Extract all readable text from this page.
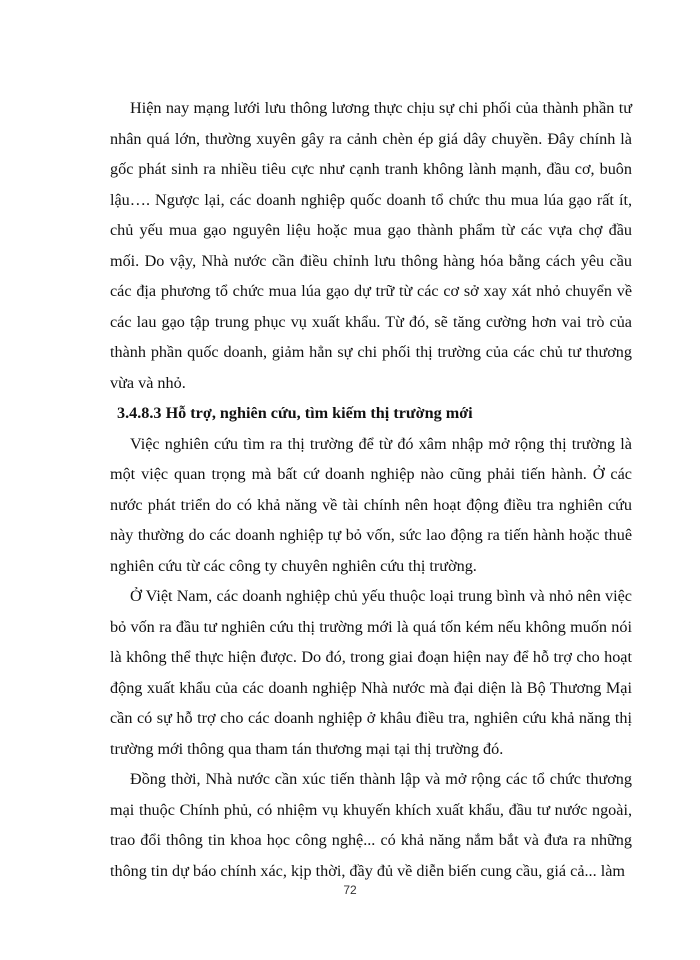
Hiện nay mạng lưới lưu thông lương thực chịu sự chi phối của thành phần tư nhân quá lớn, thường xuyên gây ra cảnh chèn ép giá dây chuyền. Đây chính là gốc phát sinh ra nhiều tiêu cực như cạnh tranh không lành mạnh, đầu cơ, buôn lậu…. Ngược lại, các doanh nghiệp quốc doanh tổ chức thu mua lúa gạo rất ít, chủ yếu mua gạo nguyên liệu hoặc mua gạo thành phẩm từ các vựa chợ đầu mối. Do vậy, Nhà nước cần điều chỉnh lưu thông hàng hóa bằng cách yêu cầu các địa phương tổ chức mua lúa gạo dự trữ từ các cơ sở xay xát nhỏ chuyển về các lau gạo tập trung phục vụ xuất khẩu. Từ đó, sẽ tăng cường hơn vai trò của thành phần quốc doanh, giảm hẳn sự chi phối thị trường của các chủ tư thương vừa và nhỏ.

3.4.8.3 Hỗ trợ, nghiên cứu, tìm kiếm thị trường mới

Việc nghiên cứu tìm ra thị trường để từ đó xâm nhập mở rộng thị trường là một việc quan trọng mà bất cứ doanh nghiệp nào cũng phải tiến hành. Ở các nước phát triển do có khả năng về tài chính nên hoạt động điều tra nghiên cứu này thường do các doanh nghiệp tự bỏ vốn, sức lao động ra tiến hành hoặc thuê nghiên cứu từ các công ty chuyên nghiên cứu thị trường.

Ở Việt Nam, các doanh nghiệp chủ yếu thuộc loại trung bình và nhỏ nên việc bỏ vốn ra đầu tư nghiên cứu thị trường mới là quá tốn kém nếu không muốn nói là không thể thực hiện được. Do đó, trong giai đoạn hiện nay để hỗ trợ cho hoạt động xuất khẩu của các doanh nghiệp Nhà nước mà đại diện là Bộ Thương Mại cần có sự hỗ trợ cho các doanh nghiệp ở khâu điều tra, nghiên cứu khả năng thị trường mới thông qua tham tán thương mại tại thị trường đó.

Đồng thời, Nhà nước cần xúc tiến thành lập và mở rộng các tổ chức thương mại thuộc Chính phủ, có nhiệm vụ khuyến khích xuất khẩu, đầu tư nước ngoài, trao đổi thông tin khoa học công nghệ... có khả năng nắm bắt và đưa ra những thông tin dự báo chính xác, kịp thời, đầy đủ về diễn biến cung cầu, giá cả... làm

72
